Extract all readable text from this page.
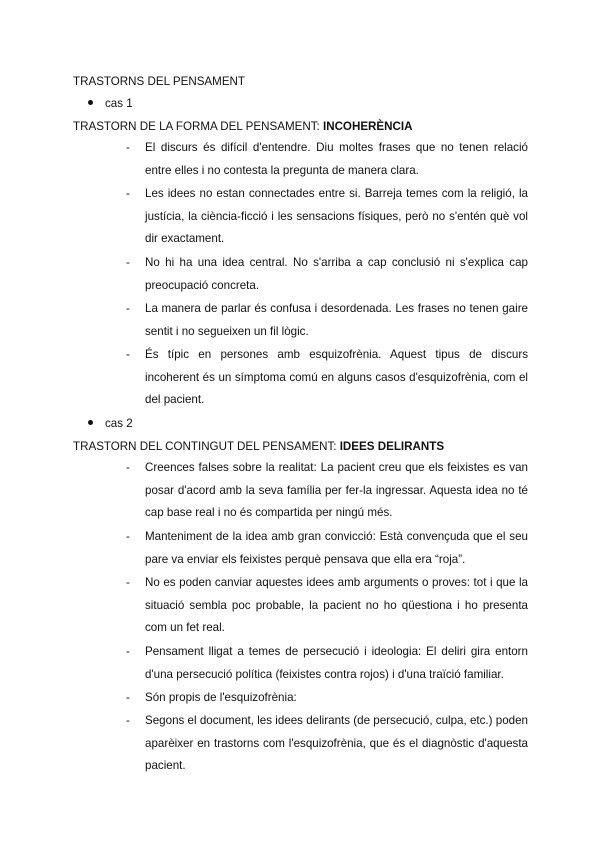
TRASTORNS DEL PENSAMENT
cas 1
TRASTORN DE LA FORMA DEL PENSAMENT: INCOHERÈNCIA
- El discurs és difícil d'entendre. Diu moltes frases que no tenen relació entre elles i no contesta la pregunta de manera clara.
- Les idees no estan connectades entre si. Barreja temes com la religió, la justícia, la ciència-ficció i les sensacions físiques, però no s'entén què vol dir exactament.
- No hi ha una idea central. No s'arriba a cap conclusió ni s'explica cap preocupació concreta.
- La manera de parlar és confusa i desordenada. Les frases no tenen gaire sentit i no segueixen un fil lògic.
- És típic en persones amb esquizofrènia. Aquest tipus de discurs incoherent és un símptoma comú en alguns casos d'esquizofrènia, com el del pacient.
cas 2
TRASTORN DEL CONTINGUT DEL PENSAMENT: IDEES DELIRANTS
- Creences falses sobre la realitat: La pacient creu que els feixistes es van posar d'acord amb la seva família per fer-la ingressar. Aquesta idea no té cap base real i no és compartida per ningú més.
- Manteniment de la idea amb gran convicció: Està convençuda que el seu pare va enviar els feixistes perquè pensava que ella era “roja”.
- No es poden canviar aquestes idees amb arguments o proves: tot i que la situació sembla poc probable, la pacient no ho qüestiona i ho presenta com un fet real.
- Pensament lligat a temes de persecució i ideologia: El deliri gira entorn d'una persecució política (feixistes contra rojos) i d'una traïció familiar.
- Són propis de l'esquizofrènia:
- Segons el document, les idees delirants (de persecució, culpa, etc.) poden aparèixer en trastorns com l'esquizofrènia, que és el diagnòstic d'aquesta pacient.
